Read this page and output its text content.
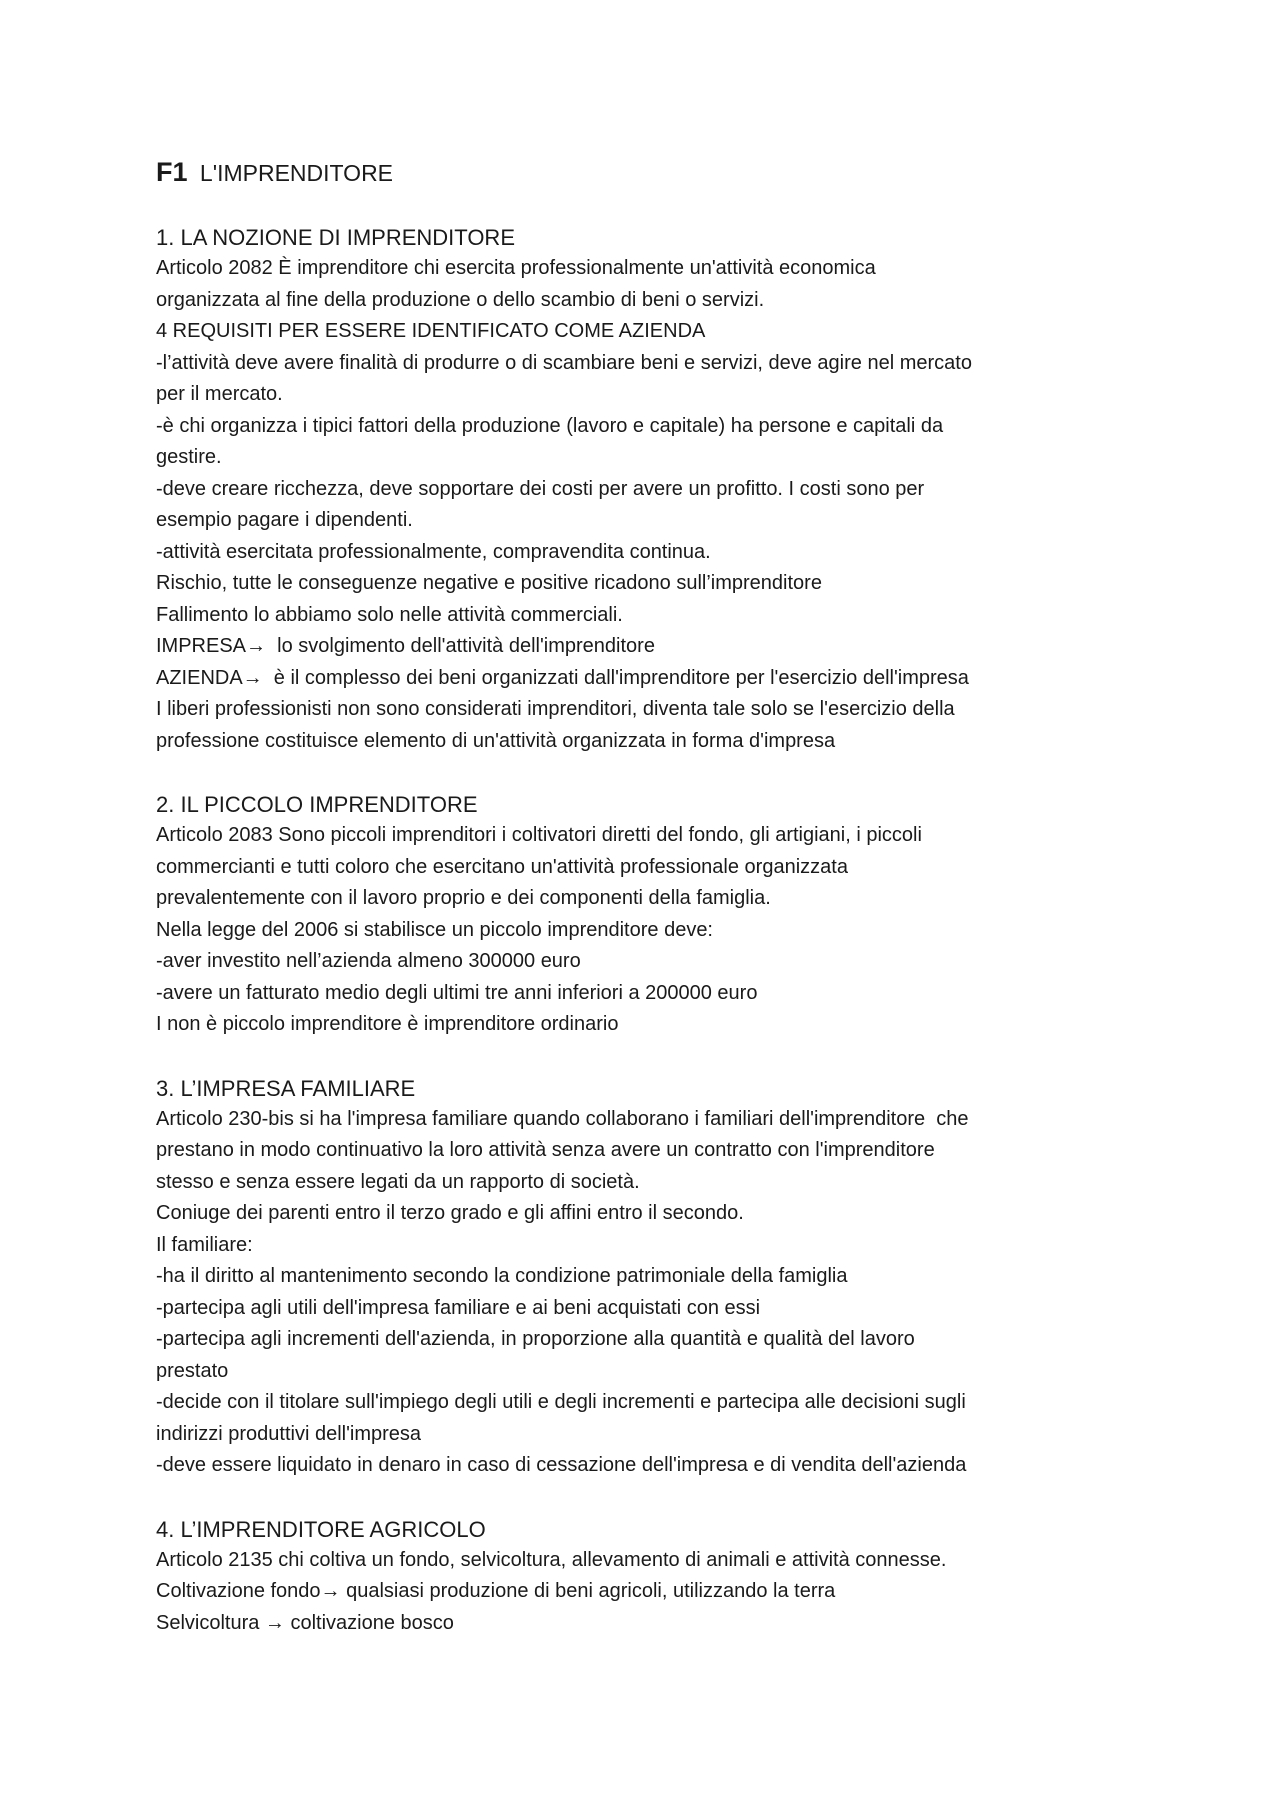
F1 L'IMPRENDITORE
1. LA NOZIONE DI IMPRENDITORE
Articolo 2082 È imprenditore chi esercita professionalmente un'attività economica
organizzata al fine della produzione o dello scambio di beni o servizi.
4 REQUISITI PER ESSERE IDENTIFICATO COME AZIENDA
-l’attività deve avere finalità di produrre o di scambiare beni e servizi, deve agire nel mercato
per il mercato.
-è chi organizza i tipici fattori della produzione (lavoro e capitale) ha persone e capitali da
gestire.
-deve creare ricchezza, deve sopportare dei costi per avere un profitto. I costi sono per
esempio pagare i dipendenti.
-attività esercitata professionalmente, compravendita continua.
Rischio, tutte le conseguenze negative e positive ricadono sull’imprenditore
Fallimento lo abbiamo solo nelle attività commerciali.
IMPRESA→  lo svolgimento dell'attività dell'imprenditore
AZIENDA→  è il complesso dei beni organizzati dall'imprenditore per l'esercizio dell'impresa
I liberi professionisti non sono considerati imprenditori, diventa tale solo se l'esercizio della
professione costituisce elemento di un'attività organizzata in forma d'impresa
2. IL PICCOLO IMPRENDITORE
Articolo 2083 Sono piccoli imprenditori i coltivatori diretti del fondo, gli artigiani, i piccoli
commercianti e tutti coloro che esercitano un'attività professionale organizzata
prevalentemente con il lavoro proprio e dei componenti della famiglia.
Nella legge del 2006 si stabilisce un piccolo imprenditore deve:
-aver investito nell’azienda almeno 300000 euro
-avere un fatturato medio degli ultimi tre anni inferiori a 200000 euro
I non è piccolo imprenditore è imprenditore ordinario
3. L’IMPRESA FAMILIARE
Articolo 230-bis si ha l'impresa familiare quando collaborano i familiari dell'imprenditore  che
prestano in modo continuativo la loro attività senza avere un contratto con l'imprenditore
stesso e senza essere legati da un rapporto di società.
Coniuge dei parenti entro il terzo grado e gli affini entro il secondo.
Il familiare:
-ha il diritto al mantenimento secondo la condizione patrimoniale della famiglia
-partecipa agli utili dell'impresa familiare e ai beni acquistati con essi
-partecipa agli incrementi dell'azienda, in proporzione alla quantità e qualità del lavoro
prestato
-decide con il titolare sull'impiego degli utili e degli incrementi e partecipa alle decisioni sugli
indirizzi produttivi dell'impresa
-deve essere liquidato in denaro in caso di cessazione dell'impresa e di vendita dell'azienda
4. L’IMPRENDITORE AGRICOLO
Articolo 2135 chi coltiva un fondo, selvicoltura, allevamento di animali e attività connesse.
Coltivazione fondo→ qualsiasi produzione di beni agricoli, utilizzando la terra
Selvicoltura → coltivazione bosco
